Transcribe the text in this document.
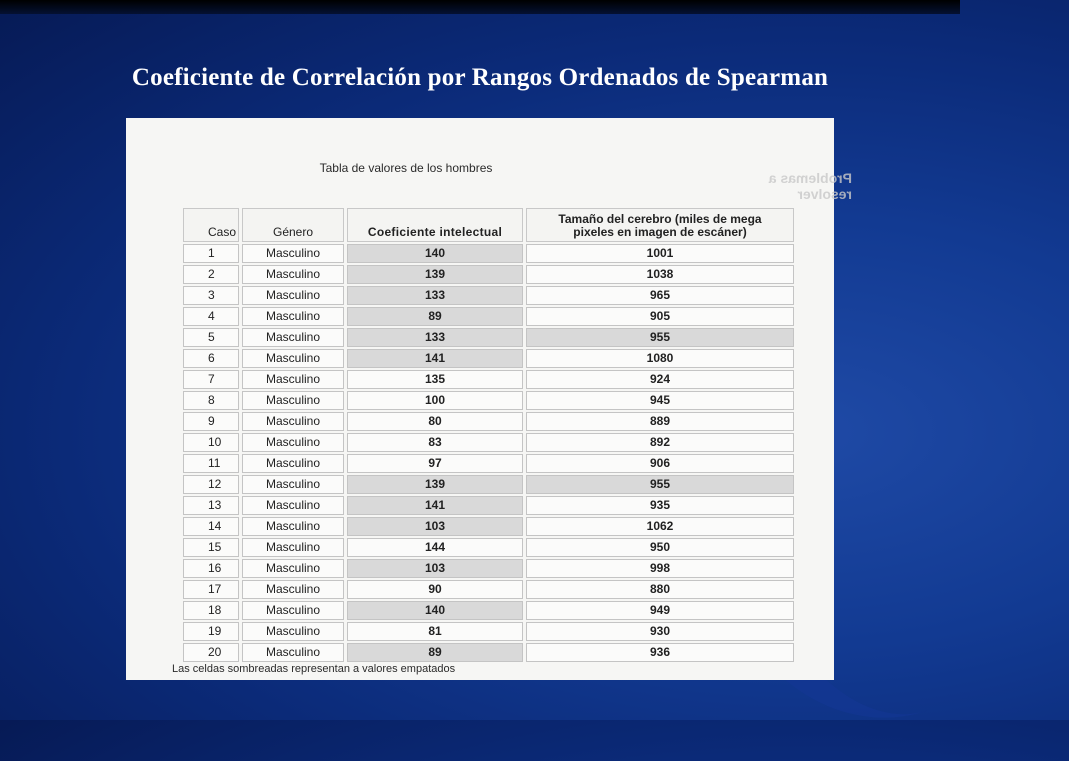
Coeficiente de Correlación por Rangos Ordenados de Spearman
Problemas a resolver
Tabla de valores de los hombres
Caso	Género	Coeficiente intelectual	Tamaño del cerebro (miles de mega
pixeles en imagen de escáner)
1	Masculino	140	1001
2	Masculino	139	1038
3	Masculino	133	965
4	Masculino	89	905
5	Masculino	133	955
6	Masculino	141	1080
7	Masculino	135	924
8	Masculino	100	945
9	Masculino	80	889
10	Masculino	83	892
11	Masculino	97	906
12	Masculino	139	955
13	Masculino	141	935
14	Masculino	103	1062
15	Masculino	144	950
16	Masculino	103	998
17	Masculino	90	880
18	Masculino	140	949
19	Masculino	81	930
20	Masculino	89	936
Las celdas sombreadas representan a valores empatados
